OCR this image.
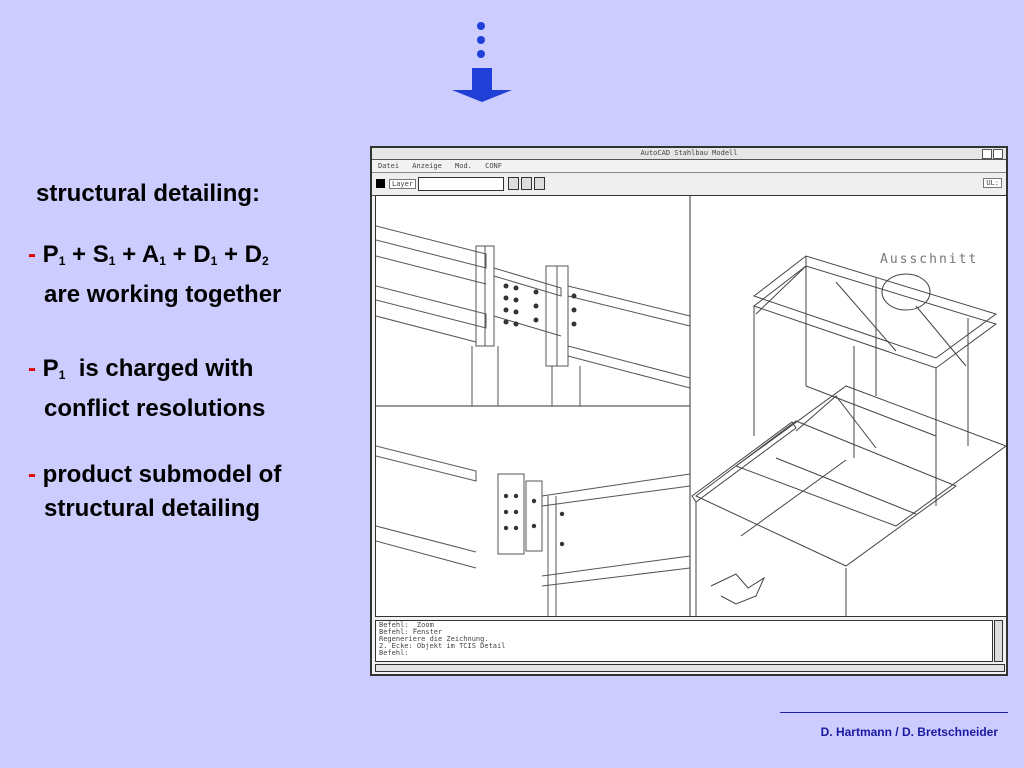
structural detailing:
- $P_1 + S_1 + A_1 + D_1 + D_2$
are working together
- $P_1$  is charged with
conflict resolutions
- product submodel of
structural detailing
AutoCAD Stahlbau Modell
Datei Anzeige Mod. CONF
Layer	UL:
Ausschnitt
Befehl: _Zoom
Befehl: Fenster
Regeneriere die Zeichnung.
2. Ecke: Objekt im TCIS Detail
Befehl:
D. Hartmann / D. Bretschneider
